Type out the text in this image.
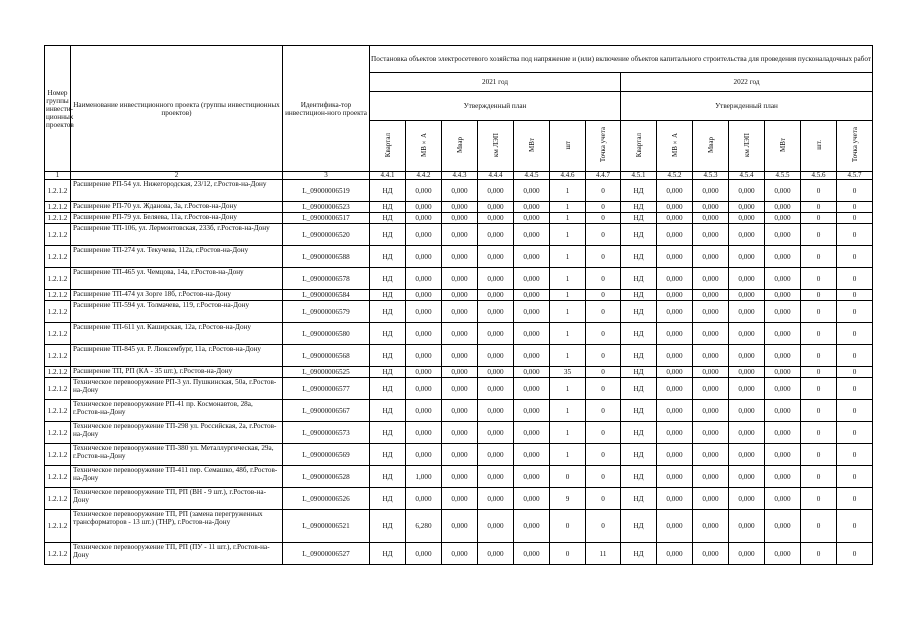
Номер группы инвести-ционных проектов	Наименование инвестиционного проекта (группы инвестиционных проектов)	Идентифика-тор инвестицион-ного проекта	Постановка объектов электросетевого хозяйства под напряжение и (или) включение объектов капитального строительства для проведения пусконаладочных работ													
			2021 год							2022 год						
			Утвержденный план							Утвержденный план						
			Квартал	МВ×А	Мвар	км ЛЭП	МВт	шт	Точка учета	Квартал	МВ×А	Мвар	км ЛЭП	МВт	шт.	Точка учета
1	2	3	4.4.1	4.4.2	4.4.3	4.4.4	4.4.5	4.4.6	4.4.7	4.5.1	4.5.2	4.5.3	4.5.4	4.5.5	4.5.6	4.5.7
1.2.1.2	Расширение РП-54 ул. Нижегородская, 23/12, г.Ростов-на-Дону	L_09000006519	НД	0,000	0,000	0,000	0,000	1	0	НД	0,000	0,000	0,000	0,000	0	0
1.2.1.2	Расширение РП-70 ул. Жданова, 3а, г.Ростов-на-Дону	L_09000006523	НД	0,000	0,000	0,000	0,000	1	0	НД	0,000	0,000	0,000	0,000	0	0
1.2.1.2	Расширение РП-79 ул. Беляева, 11а, г.Ростов-на-Дону	L_09000006517	НД	0,000	0,000	0,000	0,000	1	0	НД	0,000	0,000	0,000	0,000	0	0
1.2.1.2	Расширение ТП-106, ул. Лермонтовская, 233б, г.Ростов-на-Дону	L_09000006520	НД	0,000	0,000	0,000	0,000	1	0	НД	0,000	0,000	0,000	0,000	0	0
1.2.1.2	Расширение ТП-274 ул. Текучева, 112а, г.Ростов-на-Дону	L_09000006588	НД	0,000	0,000	0,000	0,000	1	0	НД	0,000	0,000	0,000	0,000	0	0
1.2.1.2	Расширение ТП-465 ул. Чемцова, 14а, г.Ростов-на-Дону	L_09000006578	НД	0,000	0,000	0,000	0,000	1	0	НД	0,000	0,000	0,000	0,000	0	0
1.2.1.2	Расширение ТП-474 ул Зорге 18б, г.Ростов-на-Дону	L_09000006584	НД	0,000	0,000	0,000	0,000	1	0	НД	0,000	0,000	0,000	0,000	0	0
1.2.1.2	Расширение ТП-594 ул. Толмачева, 119, г.Ростов-на-Дону	L_09000006579	НД	0,000	0,000	0,000	0,000	1	0	НД	0,000	0,000	0,000	0,000	0	0
1.2.1.2	Расширение ТП-611 ул. Каширская, 12а, г.Ростов-на-Дону	L_09000006580	НД	0,000	0,000	0,000	0,000	1	0	НД	0,000	0,000	0,000	0,000	0	0
1.2.1.2	Расширение ТП-845 ул. Р. Люксембург, 11а, г.Ростов-на-Дону	L_09000006568	НД	0,000	0,000	0,000	0,000	1	0	НД	0,000	0,000	0,000	0,000	0	0
1.2.1.2	Расширение ТП, РП (КА - 35 шт.), г.Ростов-на-Дону	L_09000006525	НД	0,000	0,000	0,000	0,000	35	0	НД	0,000	0,000	0,000	0,000	0	0
1.2.1.2	Техническое перевооружение РП-3 ул. Пушкинская, 50а, г.Ростов-на-Дону	L_09000006577	НД	0,000	0,000	0,000	0,000	1	0	НД	0,000	0,000	0,000	0,000	0	0
1.2.1.2	Техническое перевооружение РП-41 пр. Космонавтов, 28а, г.Ростов-на-Дону	L_09000006567	НД	0,000	0,000	0,000	0,000	1	0	НД	0,000	0,000	0,000	0,000	0	0
1.2.1.2	Техническое перевооружение ТП-298 ул. Российская, 2а, г.Ростов-на-Дону	L_09000006573	НД	0,000	0,000	0,000	0,000	1	0	НД	0,000	0,000	0,000	0,000	0	0
1.2.1.2	Техническое перевооружение ТП-380 ул. Металлургическая, 29а, г.Ростов-на-Дону	L_09000006569	НД	0,000	0,000	0,000	0,000	1	0	НД	0,000	0,000	0,000	0,000	0	0
1.2.1.2	Техническое перевооружение ТП-411 пер. Семашко, 48б, г.Ростов-на-Дону	L_09000006528	НД	1,000	0,000	0,000	0,000	0	0	НД	0,000	0,000	0,000	0,000	0	0
1.2.1.2	Техническое перевооружение ТП, РП (ВН - 9 шт.), г.Ростов-на-Дону	L_09000006526	НД	0,000	0,000	0,000	0,000	9	0	НД	0,000	0,000	0,000	0,000	0	0
1.2.1.2	Техническое перевооружение ТП, РП (замена перегруженных трансформаторов - 13 шт.) (ТНР), г.Ростов-на-Дону	L_09000006521	НД	6,280	0,000	0,000	0,000	0	0	НД	0,000	0,000	0,000	0,000	0	0
1.2.1.2	Техническое перевооружение ТП, РП (ПУ - 11 шт.), г.Ростов-на-Дону	L_09000006527	НД	0,000	0,000	0,000	0,000	0	11	НД	0,000	0,000	0,000	0,000	0	0
